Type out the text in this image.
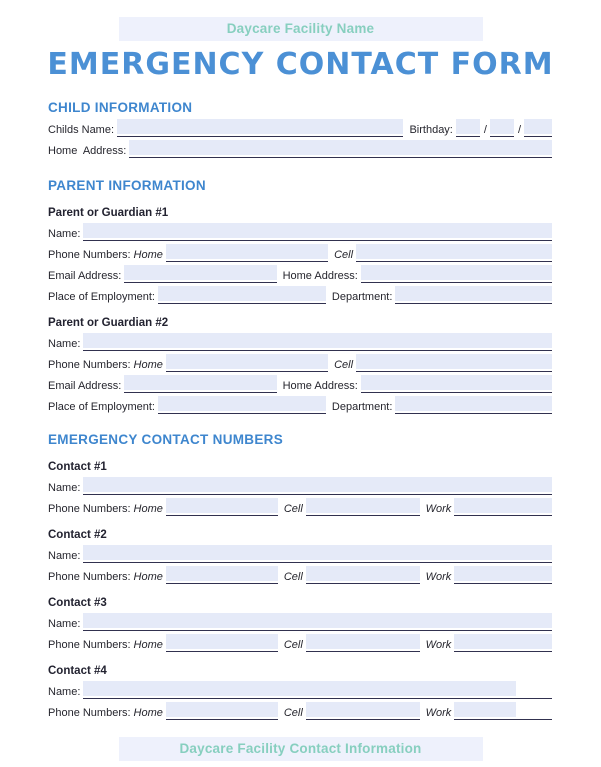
Daycare Facility Name
EMERGENCY CONTACT FORM
CHILD INFORMATION
Childs Name:	Birthday:	/	/
Home  Address:
PARENT INFORMATION
Parent or Guardian #1
Name:
Phone Numbers: Home	Cell
Email Address:	Home Address:
Place of Employment:	Department:
Parent or Guardian #2
Name:
Phone Numbers: Home	Cell
Email Address:	Home Address:
Place of Employment:	Department:
EMERGENCY CONTACT NUMBERS
Contact #1
Name:
Phone Numbers: Home	Cell	Work
Contact #2
Name:
Phone Numbers: Home	Cell	Work
Contact #3
Name:
Phone Numbers: Home	Cell	Work
Contact #4
Name:
Phone Numbers: Home	Cell	Work
Daycare Facility Contact Information
